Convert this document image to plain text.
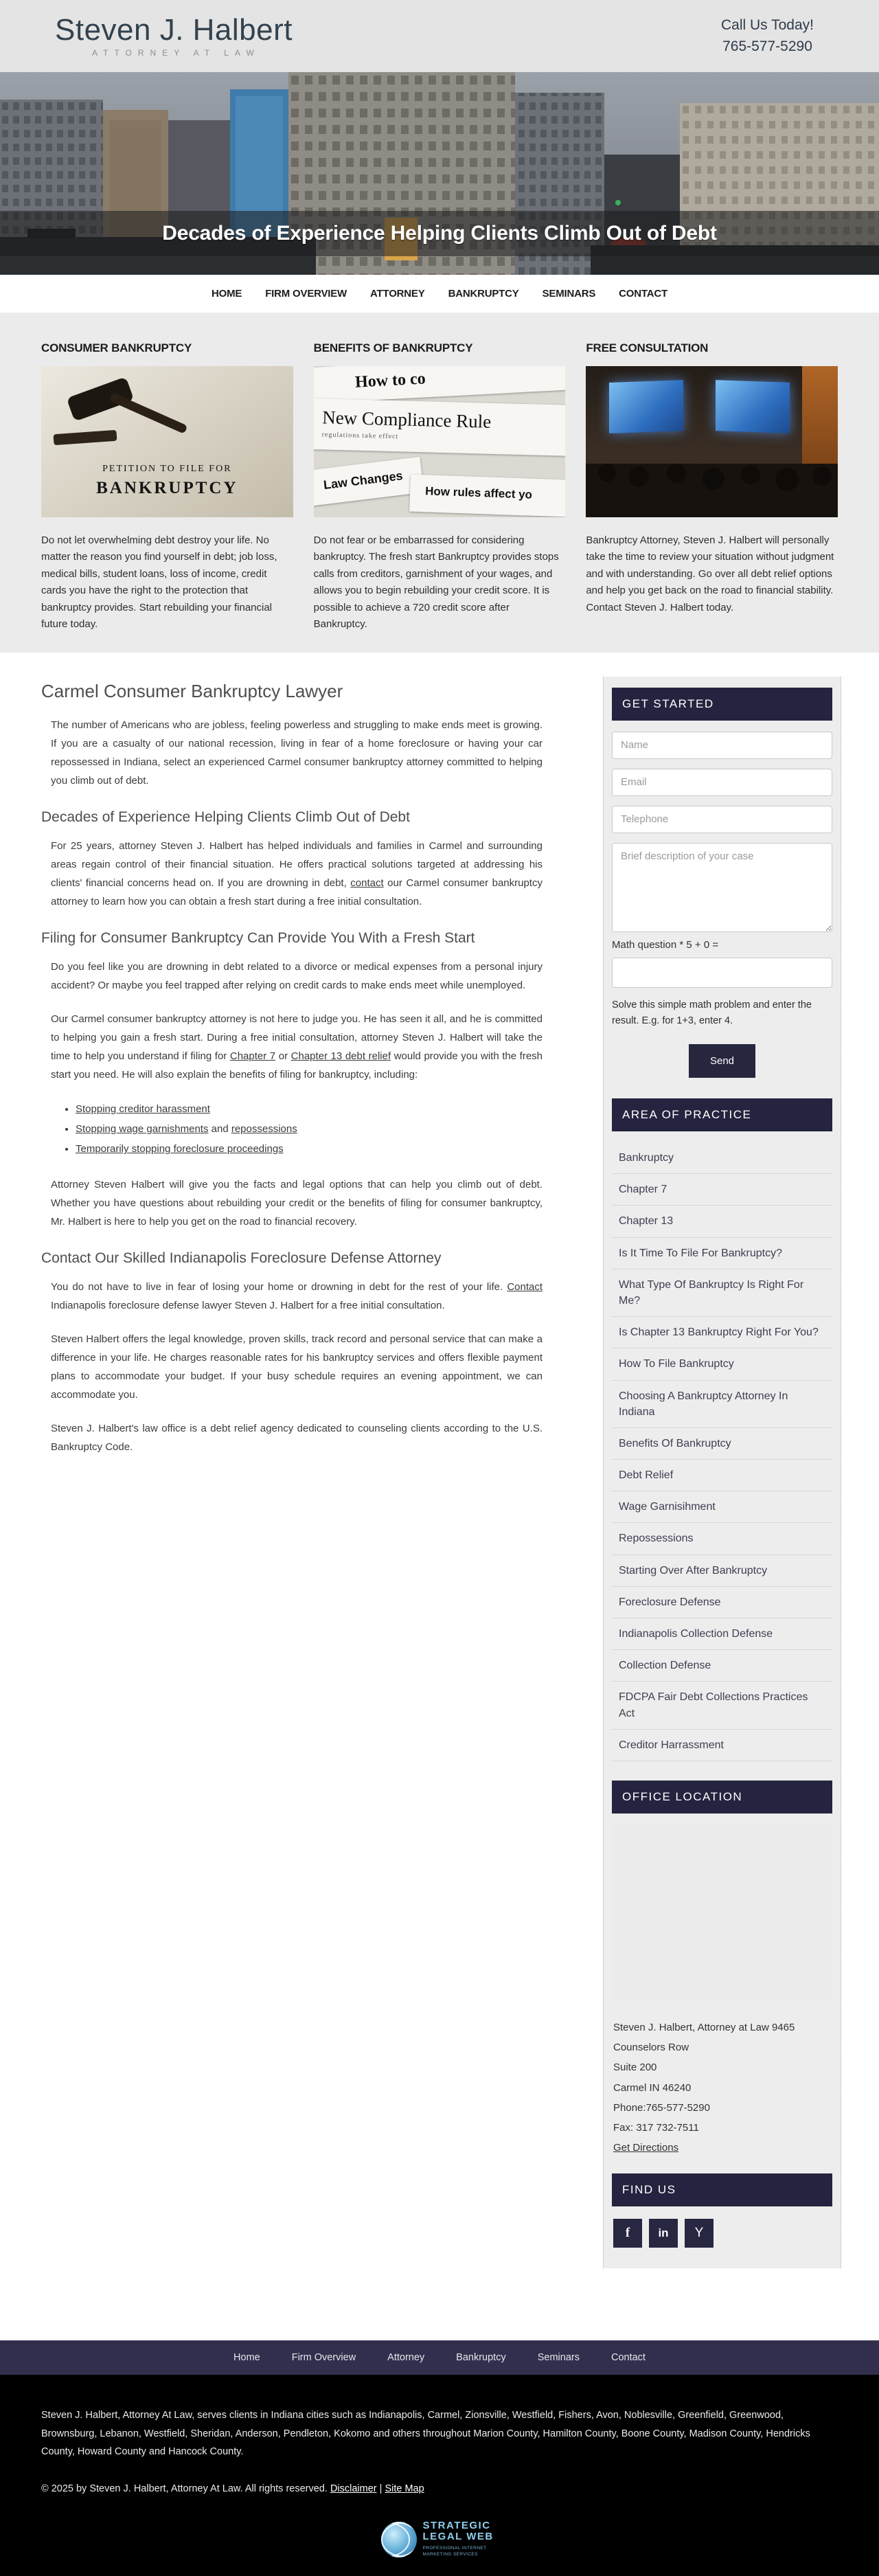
Steven J. Halbert
ATTORNEY AT LAW
Call Us Today!
765-577-5290
Decades of Experience Helping Clients Climb Out of Debt
HOME FIRM OVERVIEW ATTORNEY BANKRUPTCY SEMINARS CONTACT
CONSUMER BANKRUPTCY
PETITION TO FILE FOR
BANKRUPTCY
Do not let overwhelming debt destroy your life. No matter the reason you find yourself in debt; job loss, medical bills, student loans, loss of income, credit cards you have the right to the protection that bankruptcy provides. Start rebuilding your financial future today.
BENEFITS OF BANKRUPTCY
How to co
New Compliance Rule
regulations take effect
Law Changes
How rules affect yo
Do not fear or be embarrassed for considering bankruptcy. The fresh start Bankruptcy provides stops calls from creditors, garnishment of your wages, and allows you to begin rebuilding your credit score. It is possible to achieve a 720 credit score after Bankruptcy.
FREE CONSULTATION
Bankruptcy Attorney, Steven J. Halbert will personally take the time to review your situation without judgment and with understanding. Go over all debt relief options and help you get back on the road to financial stability. Contact Steven J. Halbert today.
Carmel Consumer Bankruptcy Lawyer

The number of Americans who are jobless, feeling powerless and struggling to make ends meet is growing. If you are a casualty of our national recession, living in fear of a home foreclosure or having your car repossessed in Indiana, select an experienced Carmel consumer bankruptcy attorney committed to helping you climb out of debt.

Decades of Experience Helping Clients Climb Out of Debt

For 25 years, attorney Steven J. Halbert has helped individuals and families in Carmel and surrounding areas regain control of their financial situation. He offers practical solutions targeted at addressing his clients' financial concerns head on. If you are drowning in debt, contact our Carmel consumer bankruptcy attorney to learn how you can obtain a fresh start during a free initial consultation.

Filing for Consumer Bankruptcy Can Provide You With a Fresh Start

Do you feel like you are drowning in debt related to a divorce or medical expenses from a personal injury accident? Or maybe you feel trapped after relying on credit cards to make ends meet while unemployed.

Our Carmel consumer bankruptcy attorney is not here to judge you. He has seen it all, and he is committed to helping you gain a fresh start. During a free initial consultation, attorney Steven J. Halbert will take the time to help you understand if filing for Chapter 7 or Chapter 13 debt relief would provide you with the fresh start you need. He will also explain the benefits of filing for bankruptcy, including:

• Stopping creditor harassment
• Stopping wage garnishments and repossessions
• Temporarily stopping foreclosure proceedings

Attorney Steven Halbert will give you the facts and legal options that can help you climb out of debt. Whether you have questions about rebuilding your credit or the benefits of filing for consumer bankruptcy, Mr. Halbert is here to help you get on the road to financial recovery.

Contact Our Skilled Indianapolis Foreclosure Defense Attorney

You do not have to live in fear of losing your home or drowning in debt for the rest of your life. Contact Indianapolis foreclosure defense lawyer Steven J. Halbert for a free initial consultation.

Steven Halbert offers the legal knowledge, proven skills, track record and personal service that can make a difference in your life. He charges reasonable rates for his bankruptcy services and offers flexible payment plans to accommodate your budget. If your busy schedule requires an evening appointment, we can accommodate you.

Steven J. Halbert's law office is a debt relief agency dedicated to counseling clients according to the U.S. Bankruptcy Code.

GET STARTED
Name Email Telephone
Brief description of your case
Math question * 5 + 0 =
Solve this simple math problem and enter the result. E.g. for 1+3, enter 4.
Send
AREA OF PRACTICE
Bankruptcy
Chapter 7
Chapter 13
Is It Time To File For Bankruptcy?
What Type Of Bankruptcy Is Right For Me?
Is Chapter 13 Bankruptcy Right For You?
How To File Bankruptcy
Choosing A Bankruptcy Attorney In Indiana
Benefits Of Bankruptcy
Debt Relief
Wage Garnisihment
Repossessions
Starting Over After Bankruptcy
Foreclosure Defense
Indianapolis Collection Defense
Collection Defense
FDCPA Fair Debt Collections Practices Act
Creditor Harrassment
OFFICE LOCATION
Steven J. Halbert, Attorney at Law 9465 Counselors Row
Suite 200
Carmel IN 46240
Phone:765-577-5290
Fax: 317 732-7511
Get Directions
FIND US
f	in	Y
Home	Firm Overview	Attorney	Bankruptcy	Seminars	Contact

Steven J. Halbert, Attorney At Law, serves clients in Indiana cities such as Indianapolis, Carmel, Zionsville, Westfield, Fishers, Avon, Noblesville, Greenfield, Greenwood, Brownsburg, Lebanon, Westfield, Sheridan, Anderson, Pendleton, Kokomo and others throughout Marion County, Hamilton County, Boone County, Madison County, Hendricks County, Howard County and Hancock County.

© 2025 by Steven J. Halbert, Attorney At Law. All rights reserved. Disclaimer | Site Map

STRATEGIC
LEGAL WEB
PROFESSIONAL INTERNET MARKETING SERVICES
